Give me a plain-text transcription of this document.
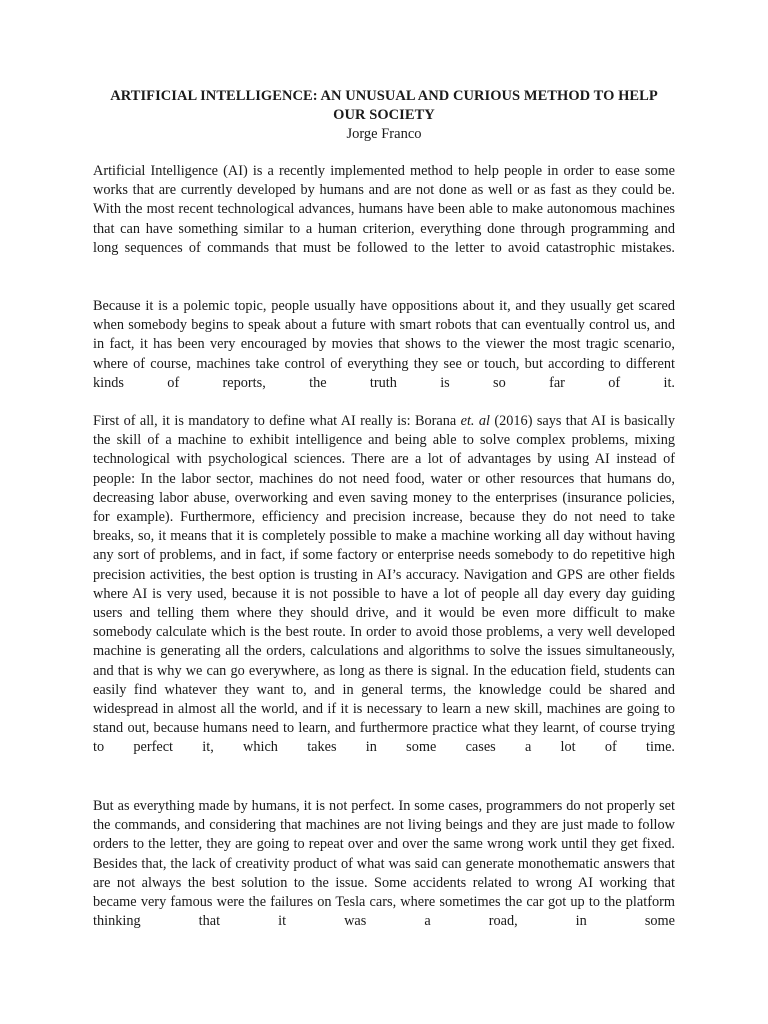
ARTIFICIAL INTELLIGENCE: AN UNUSUAL AND CURIOUS METHOD TO HELP OUR SOCIETY

Jorge Franco

Artificial Intelligence (AI) is a recently implemented method to help people in order to ease some works that are currently developed by humans and are not done as well or as fast as they could be. With the most recent technological advances, humans have been able to make autonomous machines that can have something similar to a human criterion, everything done through programming and long sequences of commands that must be followed to the letter to avoid catastrophic mistakes.

Because it is a polemic topic, people usually have oppositions about it, and they usually get scared when somebody begins to speak about a future with smart robots that can eventually control us, and in fact, it has been very encouraged by movies that shows to the viewer the most tragic scenario, where of course, machines take control of everything they see or touch, but according to different kinds of reports, the truth is so far of it.

First of all, it is mandatory to define what AI really is: Borana et. al (2016) says that AI is basically the skill of a machine to exhibit intelligence and being able to solve complex problems, mixing technological with psychological sciences. There are a lot of advantages by using AI instead of people: In the labor sector, machines do not need food, water or other resources that humans do, decreasing labor abuse, overworking and even saving money to the enterprises (insurance policies, for example). Furthermore, efficiency and precision increase, because they do not need to take breaks, so, it means that it is completely possible to make a machine working all day without having any sort of problems, and in fact, if some factory or enterprise needs somebody to do repetitive high precision activities, the best option is trusting in AI’s accuracy. Navigation and GPS are other fields where AI is very used, because it is not possible to have a lot of people all day every day guiding users and telling them where they should drive, and it would be even more difficult to make somebody calculate which is the best route. In order to avoid those problems, a very well developed machine is generating all the orders, calculations and algorithms to solve the issues simultaneously, and that is why we can go everywhere, as long as there is signal. In the education field, students can easily find whatever they want to, and in general terms, the knowledge could be shared and widespread in almost all the world, and if it is necessary to learn a new skill, machines are going to stand out, because humans need to learn, and furthermore practice what they learnt, of course trying to perfect it, which takes in some cases a lot of time.

But as everything made by humans, it is not perfect. In some cases, programmers do not properly set the commands, and considering that machines are not living beings and they are just made to follow orders to the letter, they are going to repeat over and over the same wrong work until they get fixed. Besides that, the lack of creativity product of what was said can generate monothematic answers that are not always the best solution to the issue. Some accidents related to wrong AI working that became very famous were the failures on Tesla cars, where sometimes the car got up to the platform thinking that it was a road, in some
